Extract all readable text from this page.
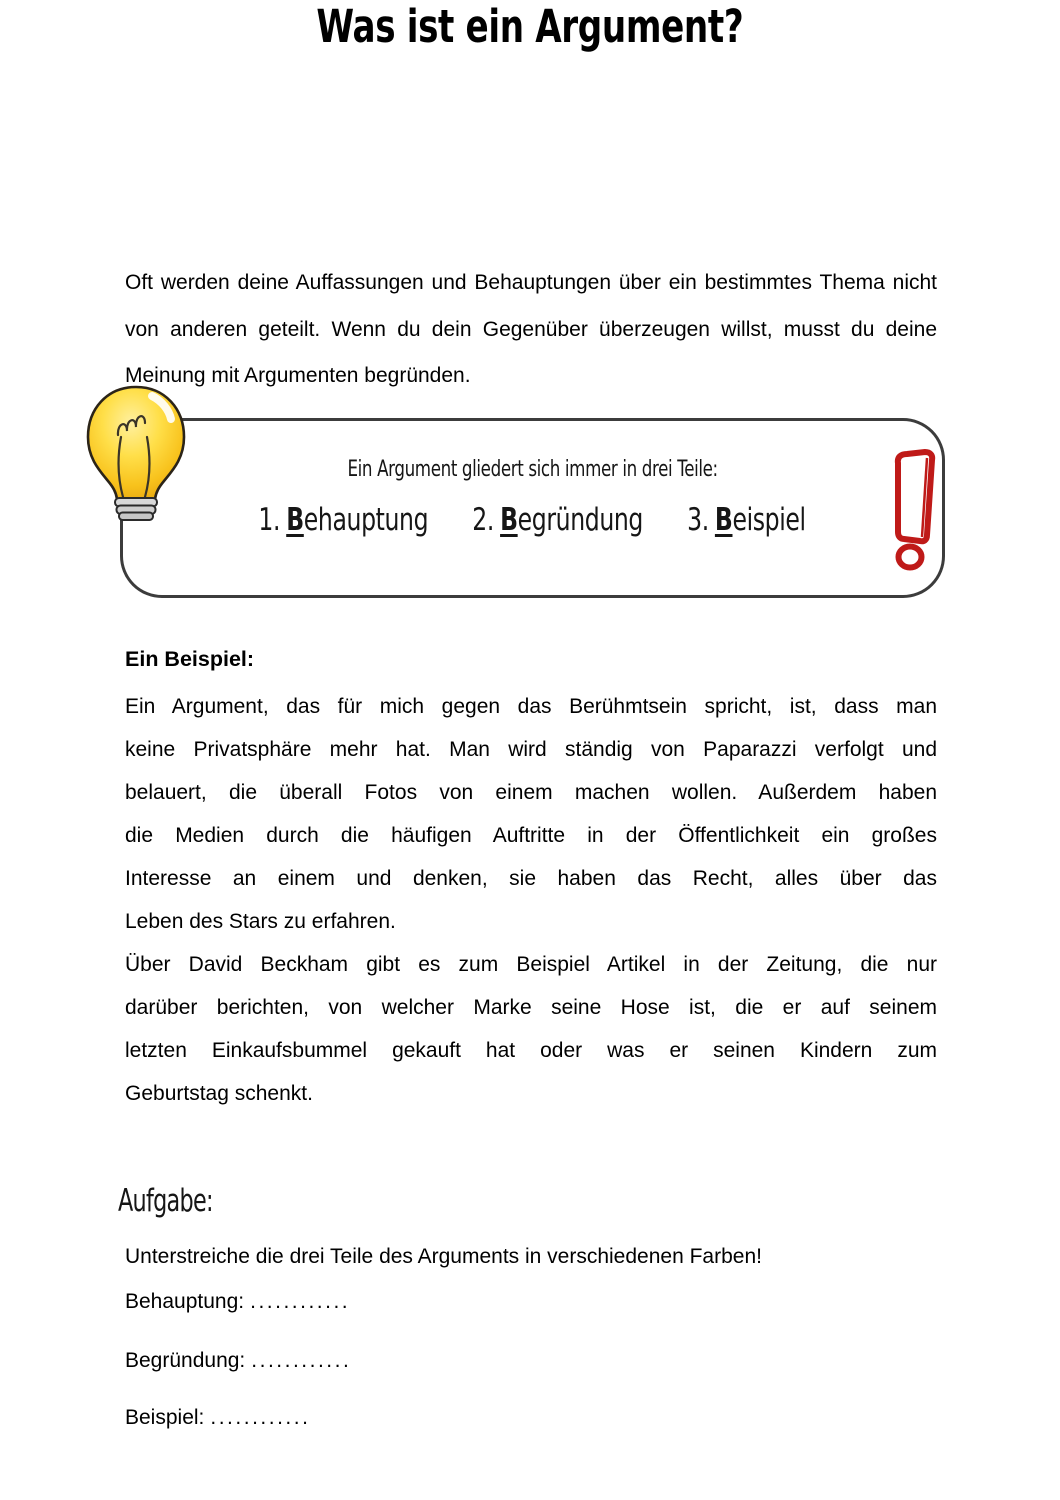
Was ist ein Argument?
Oft werden deine Auffassungen und Behauptungen über ein bestimmtes Thema nicht
von anderen geteilt. Wenn du dein Gegenüber überzeugen willst, musst du deine
Meinung mit Argumenten begründen.
Ein Argument gliedert sich immer in drei Teile:
1. Behauptung 2. Begründung 3. Beispiel
Ein Beispiel:
Ein Argument, das für mich gegen das Berühmtsein spricht, ist, dass man
keine Privatsphäre mehr hat. Man wird ständig von Paparazzi verfolgt und
belauert, die überall Fotos von einem machen wollen. Außerdem haben
die Medien durch die häufigen Auftritte in der Öffentlichkeit ein großes
Interesse an einem und denken, sie haben das Recht, alles über das
Leben des Stars zu erfahren.
Über David Beckham gibt es zum Beispiel Artikel in der Zeitung, die nur
darüber berichten, von welcher Marke seine Hose ist, die er auf seinem
letzten Einkaufsbummel gekauft hat oder was er seinen Kindern zum
Geburtstag schenkt.
Aufgabe:
Unterstreiche die drei Teile des Arguments in verschiedenen Farben!
Behauptung: ............
Begründung: ............
Beispiel: ............
